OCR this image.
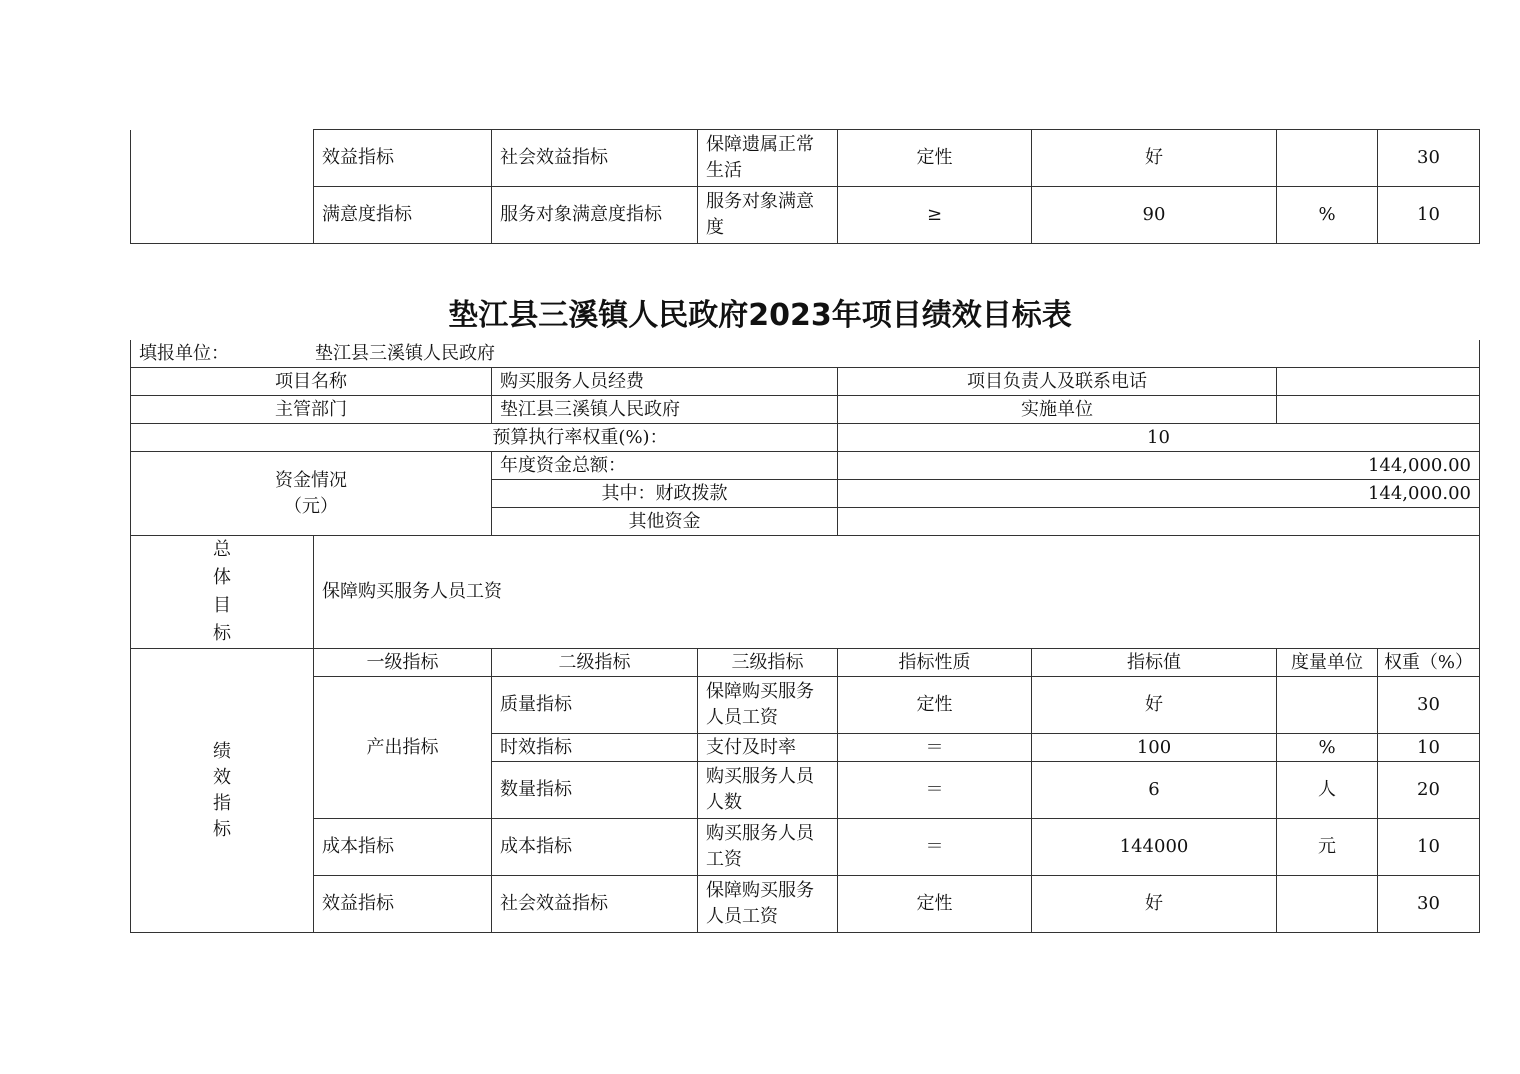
	效益指标	社会效益指标	保障遗属正常生活	定性	好		30
	满意度指标	服务对象满意度指标	服务对象满意度	≥	90	%	10
垫江县三溪镇人民政府2023年项目绩效目标表
填报单位： 垫江县三溪镇人民政府							
项目名称		购买服务人员经费		项目负责人及联系电话			
主管部门		垫江县三溪镇人民政府		实施单位			
预算执行率权重(%)：				10			

资金情况
（元）		年度资金总额：		144,000.00			
		其中：财政拨款		144,000.00			
		其他资金					

总
体
目
标	保障购买服务人员工资						

绩
效
指
标	一级指标	二级指标	三级指标	指标性质	指标值	度量单位	权重（%）
	产出指标	质量指标	保障购买服务人员工资	定性	好		30
		时效指标	支付及时率	＝	100	%	10
		数量指标	购买服务人员人数	＝	6	人	20
	成本指标	成本指标	购买服务人员工资	＝	144000	元	10
	效益指标	社会效益指标	保障购买服务人员工资	定性	好		30
